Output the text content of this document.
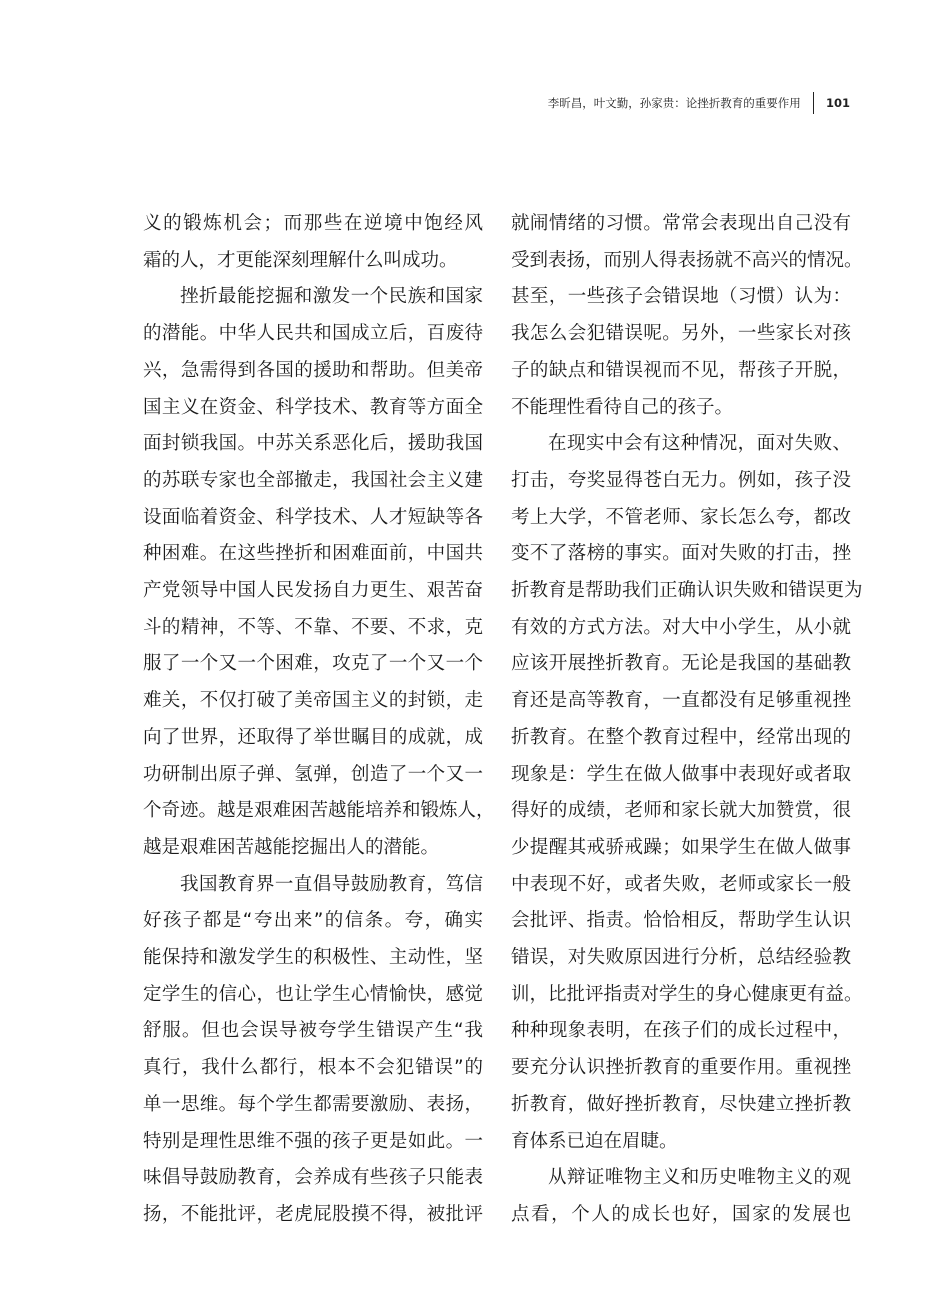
李昕昌，叶文勤，孙家贵：论挫折教育的重要作用 101
义的锻炼机会；而那些在逆境中饱经风
霜的人，才更能深刻理解什么叫成功。
挫折最能挖掘和激发一个民族和国家
的潜能。中华人民共和国成立后，百废待
兴，急需得到各国的援助和帮助。但美帝
国主义在资金、科学技术、教育等方面全
面封锁我国。中苏关系恶化后，援助我国
的苏联专家也全部撤走，我国社会主义建
设面临着资金、科学技术、人才短缺等各
种困难。在这些挫折和困难面前，中国共
产党领导中国人民发扬自力更生、艰苦奋
斗的精神，不等、不靠、不要、不求，克
服了一个又一个困难，攻克了一个又一个
难关，不仅打破了美帝国主义的封锁，走
向了世界，还取得了举世瞩目的成就，成
功研制出原子弹、氢弹，创造了一个又一
个奇迹。越是艰难困苦越能培养和锻炼人，
越是艰难困苦越能挖掘出人的潜能。
我国教育界一直倡导鼓励教育，笃信
好孩子都是“夸出来”的信条。夸，确实
能保持和激发学生的积极性、主动性，坚
定学生的信心，也让学生心情愉快，感觉
舒服。但也会误导被夸学生错误产生“我
真行，我什么都行，根本不会犯错误”的
单一思维。每个学生都需要激励、表扬，
特别是理性思维不强的孩子更是如此。一
味倡导鼓励教育，会养成有些孩子只能表
扬，不能批评，老虎屁股摸不得，被批评
就闹情绪的习惯。常常会表现出自己没有
受到表扬，而别人得表扬就不高兴的情况。
甚至，一些孩子会错误地（习惯）认为：
我怎么会犯错误呢。另外，一些家长对孩
子的缺点和错误视而不见，帮孩子开脱，
不能理性看待自己的孩子。
在现实中会有这种情况，面对失败、
打击，夸奖显得苍白无力。例如，孩子没
考上大学，不管老师、家长怎么夸，都改
变不了落榜的事实。面对失败的打击，挫
折教育是帮助我们正确认识失败和错误更为
有效的方式方法。对大中小学生，从小就
应该开展挫折教育。无论是我国的基础教
育还是高等教育，一直都没有足够重视挫
折教育。在整个教育过程中，经常出现的
现象是：学生在做人做事中表现好或者取
得好的成绩，老师和家长就大加赞赏，很
少提醒其戒骄戒躁；如果学生在做人做事
中表现不好，或者失败，老师或家长一般
会批评、指责。恰恰相反，帮助学生认识
错误，对失败原因进行分析，总结经验教
训，比批评指责对学生的身心健康更有益。
种种现象表明，在孩子们的成长过程中，
要充分认识挫折教育的重要作用。重视挫
折教育，做好挫折教育，尽快建立挫折教
育体系已迫在眉睫。
从辩证唯物主义和历史唯物主义的观
点看，个人的成长也好，国家的发展也
